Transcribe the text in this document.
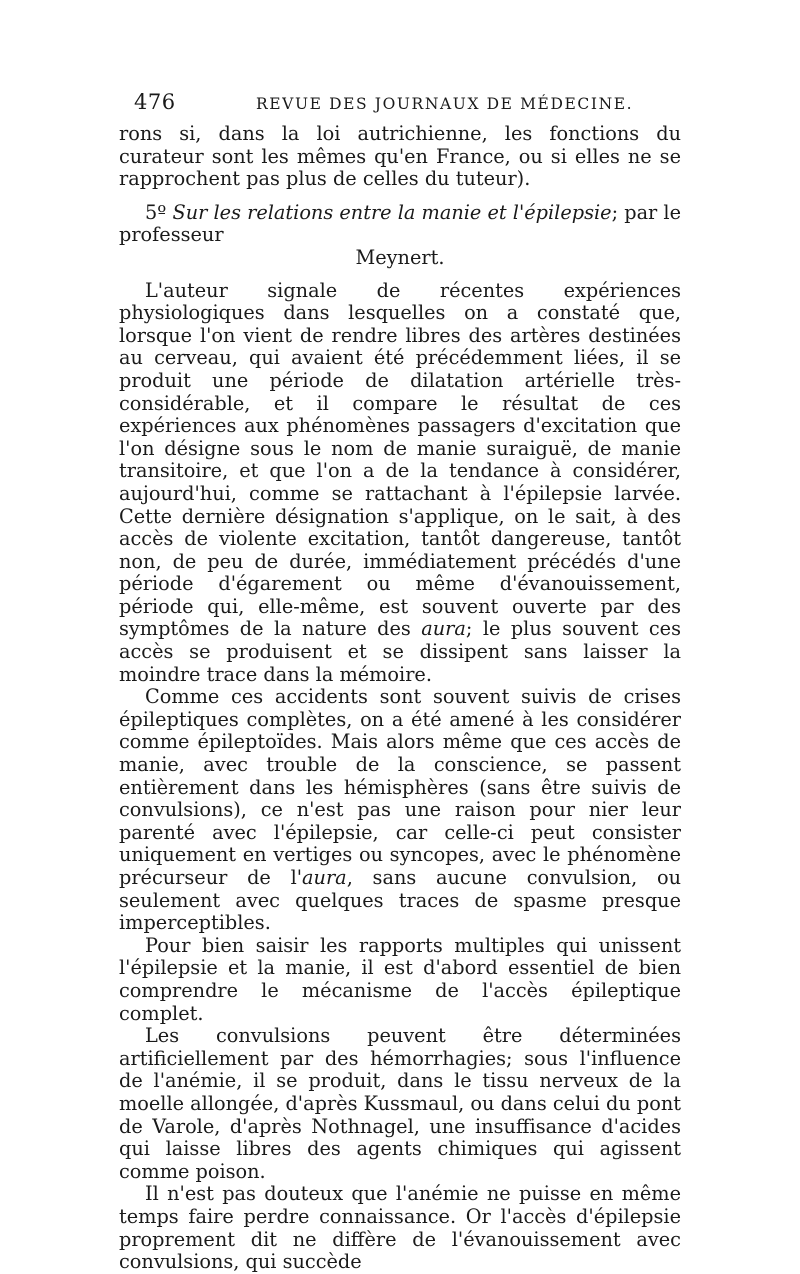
476	REVUE DES JOURNAUX DE MÉDECINE.

rons si, dans la loi autrichienne, les fonctions du curateur sont les mêmes qu'en France, ou si elles ne se rapprochent pas plus de celles du tuteur).

5º Sur les relations entre la manie et l'épilepsie; par le professeur
Meynert.

L'auteur signale de récentes expériences physiologiques dans lesquelles on a constaté que, lorsque l'on vient de rendre libres des artères destinées au cerveau, qui avaient été précédemment liées, il se produit une période de dilatation artérielle très-considérable, et il compare le résultat de ces expériences aux phénomènes passagers d'excitation que l'on désigne sous le nom de manie suraiguë, de manie transitoire, et que l'on a de la tendance à considérer, aujourd'hui, comme se rattachant à l'épilepsie larvée. Cette dernière désignation s'applique, on le sait, à des accès de violente excitation, tantôt dangereuse, tantôt non, de peu de durée, immédiatement précédés d'une période d'égarement ou même d'évanouissement, période qui, elle-même, est souvent ouverte par des symptômes de la nature des aura; le plus souvent ces accès se produisent et se dissipent sans laisser la moindre trace dans la mémoire.

Comme ces accidents sont souvent suivis de crises épileptiques complètes, on a été amené à les considérer comme épileptoïdes. Mais alors même que ces accès de manie, avec trouble de la conscience, se passent entièrement dans les hémisphères (sans être suivis de convulsions), ce n'est pas une raison pour nier leur parenté avec l'épilepsie, car celle-ci peut consister uniquement en vertiges ou syncopes, avec le phénomène précurseur de l'aura, sans aucune convulsion, ou seulement avec quelques traces de spasme presque imperceptibles.

Pour bien saisir les rapports multiples qui unissent l'épilepsie et la manie, il est d'abord essentiel de bien comprendre le mécanisme de l'accès épileptique complet.

Les convulsions peuvent être déterminées artificiellement par des hémorrhagies; sous l'influence de l'anémie, il se produit, dans le tissu nerveux de la moelle allongée, d'après Kussmaul, ou dans celui du pont de Varole, d'après Nothnagel, une insuffisance d'acides qui laisse libres des agents chimiques qui agissent comme poison.

Il n'est pas douteux que l'anémie ne puisse en même temps faire perdre connaissance. Or l'accès d'épilepsie proprement dit ne diffère de l'évanouissement avec convulsions, qui succède
